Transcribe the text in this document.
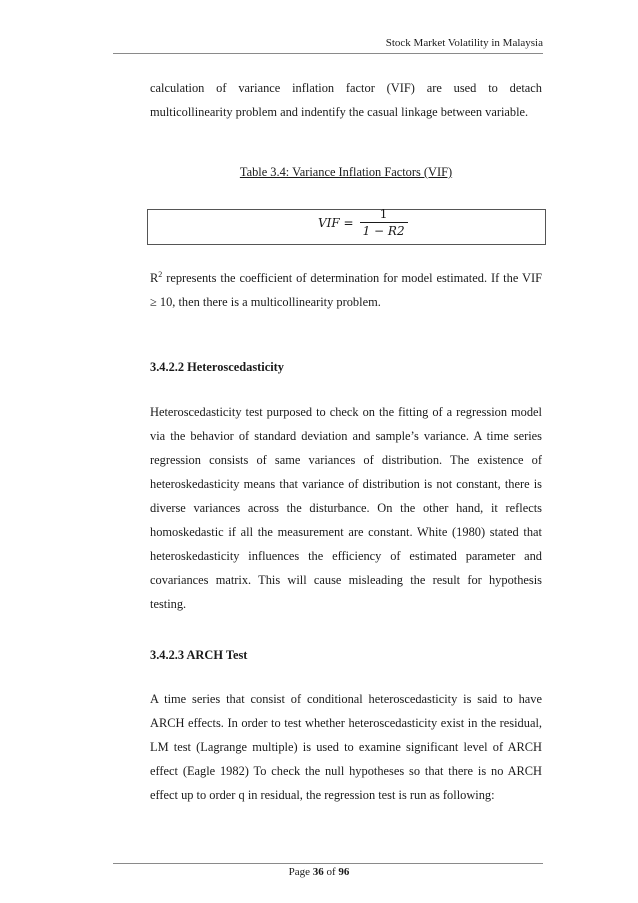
Stock Market Volatility in Malaysia

calculation of variance inflation factor (VIF) are used to detach multicollinearity problem and indentify the casual linkage between variable.

Table 3.4: Variance Inflation Factors (VIF)
VIF = $\frac{1}{1 - R2}$

$R^2$ represents the coefficient of determination for model estimated. If the VIF ≥ 10, then there is a multicollinearity problem.

3.4.2.2 Heteroscedasticity

Heteroscedasticity test purposed to check on the fitting of a regression model via the behavior of standard deviation and sample’s variance. A time series regression consists of same variances of distribution. The existence of heteroskedasticity means that variance of distribution is not constant, there is diverse variances across the disturbance. On the other hand, it reflects homoskedastic if all the measurement are constant. White (1980) stated that heteroskedasticity influences the efficiency of estimated parameter and covariances matrix. This will cause misleading the result for hypothesis testing.

3.4.2.3 ARCH Test

A time series that consist of conditional heteroscedasticity is said to have ARCH effects. In order to test whether heteroscedasticity exist in the residual, LM test (Lagrange multiple) is used to examine significant level of ARCH effect (Eagle 1982) To check the null hypotheses so that there is no ARCH effect up to order q in residual, the regression test is run as following:

Page 36 of 96
